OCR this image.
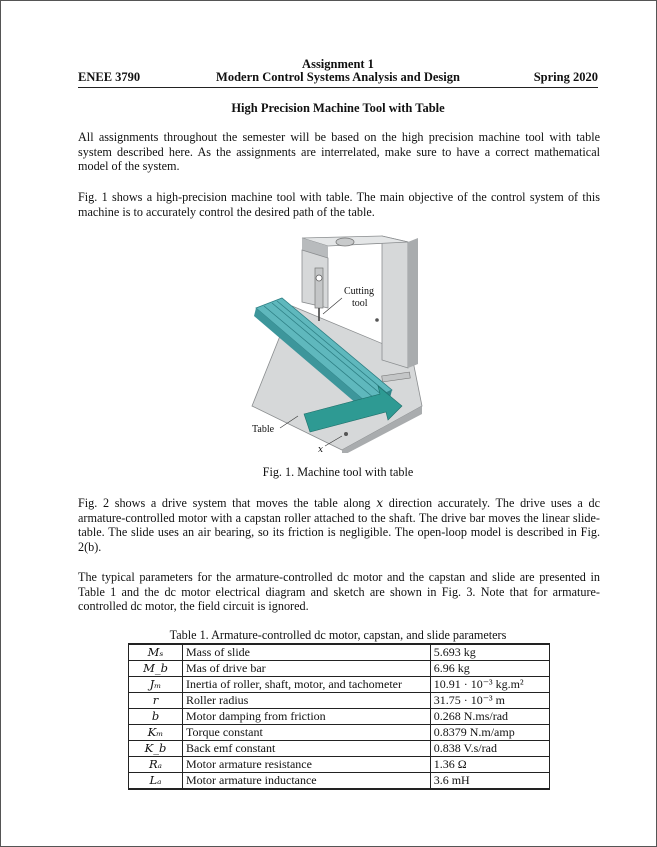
Assignment 1
ENEE 3790	Modern Control Systems Analysis and Design	Spring 2020
High Precision Machine Tool with Table
All assignments throughout the semester will be based on the high precision machine tool with table system described here. As the assignments are interrelated, make sure to have a correct mathematical model of the system.
Fig. 1 shows a high-precision machine tool with table. The main objective of the control system of this machine is to accurately control the desired path of the table.
Cutting
tool
Table
x
Fig. 1. Machine tool with table
Fig. 2 shows a drive system that moves the table along x direction accurately. The drive uses a dc armature-controlled motor with a capstan roller attached to the shaft. The drive bar moves the linear slide-table. The slide uses an air bearing, so its friction is negligible. The open-loop model is described in Fig. 2(b).
The typical parameters for the armature-controlled dc motor and the capstan and slide are presented in Table 1 and the dc motor electrical diagram and sketch are shown in Fig. 3. Note that for armature-controlled dc motor, the field circuit is ignored.
Table 1. Armature-controlled dc motor, capstan, and slide parameters
Mₛ	Mass of slide	5.693 kg
M_b	Mas of drive bar	6.96 kg
Jₘ	Inertia of roller, shaft, motor, and tachometer	10.91 · 10⁻³ kg.m²
r	Roller radius	31.75 · 10⁻³ m
b	Motor damping from friction	0.268 N.ms/rad
Kₘ	Torque constant	0.8379 N.m/amp
K_b	Back emf constant	0.838 V.s/rad
Rₐ	Motor armature resistance	1.36 Ω
Lₐ	Motor armature inductance	3.6 mH
